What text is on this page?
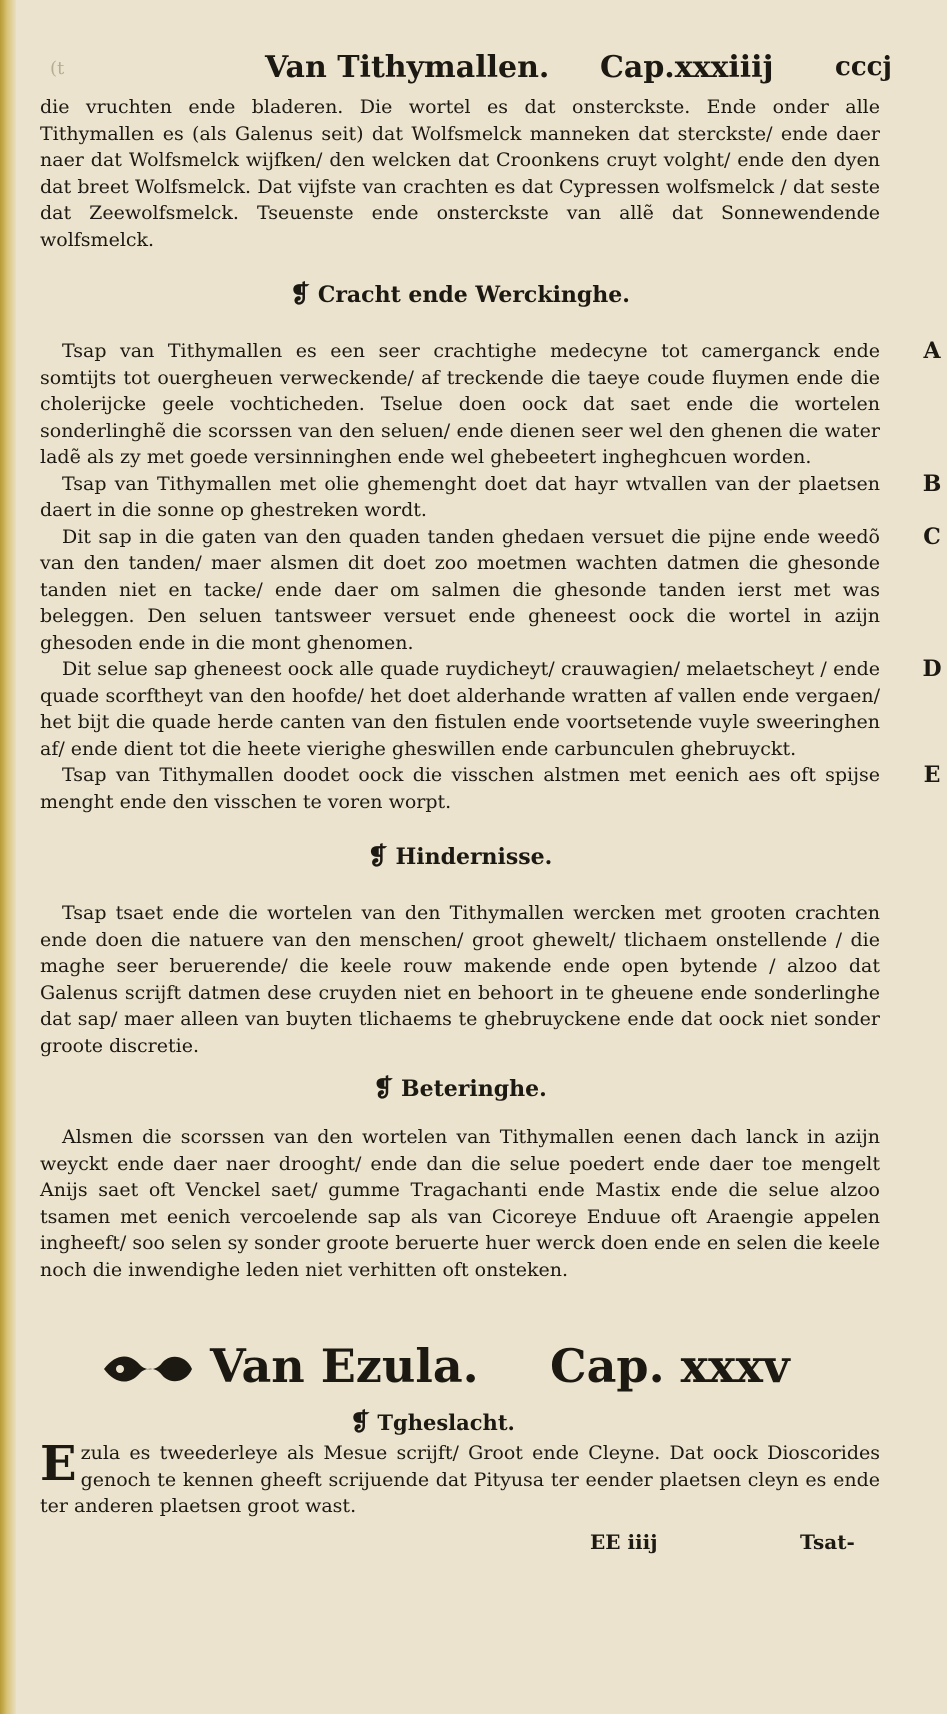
(t	Van Tithymallen. Cap.xxxiiij cccj

die vruchten ende bladeren. Die wortel es dat onsterckste. Ende onder alle Tithymallen es (als Galenus seit) dat Wolfsmelck manneken dat sterckste/ ende daer naer dat Wolfsmelck wijfken/ den welcken dat Croonkens cruyt volght/ ende den dyen dat breet Wolfsmelck. Dat vijfste van crachten es dat Cypressen wolfsmelck / dat seste dat Zeewolfsmelck. Tseuenste ende onsterckste van allẽ dat Sonnewendende wolfsmelck.

❡ Cracht ende Werckinghe.

Tsap van Tithymallen es een seer crachtighe medecyne tot camerganck ende somtijts tot ouergheuen verweckende/ af treckende die taeye coude fluymen ende die cholerijcke geele vochticheden. Tselue doen oock dat saet ende die wortelen sonderlinghẽ die scorssen van den seluen/ ende dienen seer wel den ghenen die water ladẽ als zy met goede versinninghen ende wel ghebeetert ingheghcuen worden.

A

Tsap van Tithymallen met olie ghemenght doet dat hayr wtvallen van der plaetsen daert in die sonne op ghestreken wordt.

B

Dit sap in die gaten van den quaden tanden ghedaen versuet die pijne ende weedõ van den tanden/ maer alsmen dit doet zoo moetmen wachten datmen die ghesonde tanden niet en tacke/ ende daer om salmen die ghesonde tanden ierst met was beleggen. Den seluen tantsweer versuet ende gheneest oock die wortel in azijn ghesoden ende in die mont ghenomen.

C

Dit selue sap gheneest oock alle quade ruydicheyt/ crauwagien/ melaetscheyt / ende quade scorftheyt van den hoofde/ het doet alderhande wratten af vallen ende vergaen/ het bijt die quade herde canten van den fistulen ende voortsetende vuyle sweeringhen af/ ende dient tot die heete vierighe gheswillen ende carbunculen ghebruyckt.

D

Tsap van Tithymallen doodet oock die visschen alstmen met eenich aes oft spijse menght ende den visschen te voren worpt.

E
❡ Hindernisse.

Tsap tsaet ende die wortelen van den Tithymallen wercken met grooten crachten ende doen die natuere van den menschen/ groot ghewelt/ tlichaem onstellende / die maghe seer beruerende/ die keele rouw makende ende open bytende / alzoo dat Galenus scrijft datmen dese cruyden niet en behoort in te gheuene ende sonderlinghe dat sap/ maer alleen van buyten tlichaems te ghebruyckene ende dat oock niet sonder groote discretie.

❡ Beteringhe.

Alsmen die scorssen van den wortelen van Tithymallen eenen dach lanck in azijn weyckt ende daer naer drooght/ ende dan die selue poedert ende daer toe mengelt Anijs saet oft Venckel saet/ gumme Tragachanti ende Mastix ende die selue alzoo tsamen met eenich vercoelende sap als van Cicoreye Enduue oft Araengie appelen ingheeft/ soo selen sy sonder groote beruerte huer werck doen ende en selen die keele noch die inwendighe leden niet verhitten oft onsteken.

Van Ezula. Cap. xxxv
❡ Tgheslacht.

Ezula es tweederleye als Mesue scrijft/ Groot ende Cleyne. Dat oock Dioscorides genoch te kennen gheeft scrijuende dat Pityusa ter eender plaetsen cleyn es ende ter anderen plaetsen groot wast.

EE iiij	Tsat-
